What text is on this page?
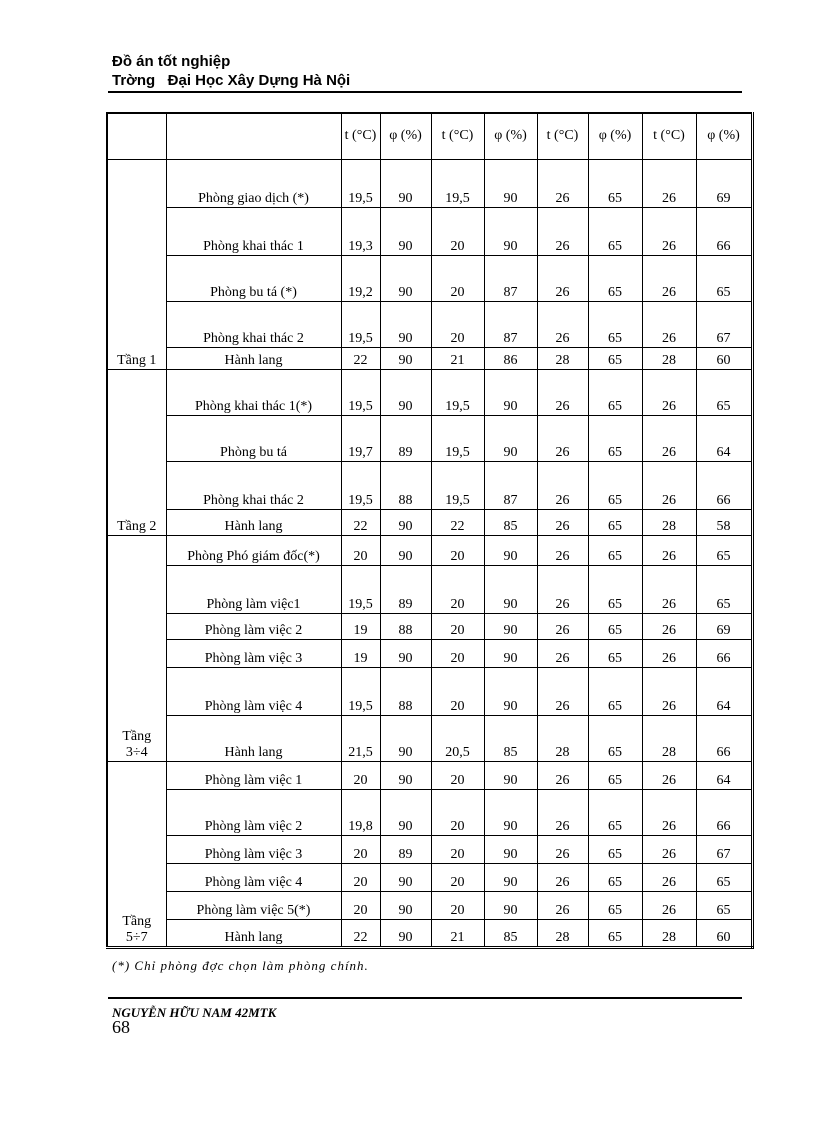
Đồ án tốt nghiệp
Trờng   Đại Học Xây Dựng Hà Nội
		t (°C)	φ (%)	t (°C)	φ (%)	t (°C)	φ (%)	t (°C)	φ (%)
Tầng 1	Phòng giao dịch (*)	19,5	90	19,5	90	26	65	26	69
	Phòng khai thác 1	19,3	90	20	90	26	65	26	66
	Phòng bu tá (*)	19,2	90	20	87	26	65	26	65
	Phòng khai thác 2	19,5	90	20	87	26	65	26	67
	Hành lang	22	90	21	86	28	65	28	60
Tầng 2	Phòng khai thác 1(*)	19,5	90	19,5	90	26	65	26	65
	Phòng bu tá	19,7	89	19,5	90	26	65	26	64
	Phòng khai thác 2	19,5	88	19,5	87	26	65	26	66
	Hành lang	22	90	22	85	26	65	28	58
Tầng 3÷4	Phòng Phó giám đốc(*)	20	90	20	90	26	65	26	65
	Phòng làm việc1	19,5	89	20	90	26	65	26	65
	Phòng làm việc 2	19	88	20	90	26	65	26	69
	Phòng làm việc 3	19	90	20	90	26	65	26	66
	Phòng làm việc 4	19,5	88	20	90	26	65	26	64
	Hành lang	21,5	90	20,5	85	28	65	28	66
Tầng 5÷7	Phòng làm việc 1	20	90	20	90	26	65	26	64
	Phòng làm việc 2	19,8	90	20	90	26	65	26	66
	Phòng làm việc 3	20	89	20	90	26	65	26	67
	Phòng làm việc 4	20	90	20	90	26	65	26	65
	Phòng làm việc 5(*)	20	90	20	90	26	65	26	65
	Hành lang	22	90	21	85	28	65	28	60
(*) Chỉ phòng đợc chọn làm phòng chính.
NGUYỄN HỮU NAM 42MTK
68
